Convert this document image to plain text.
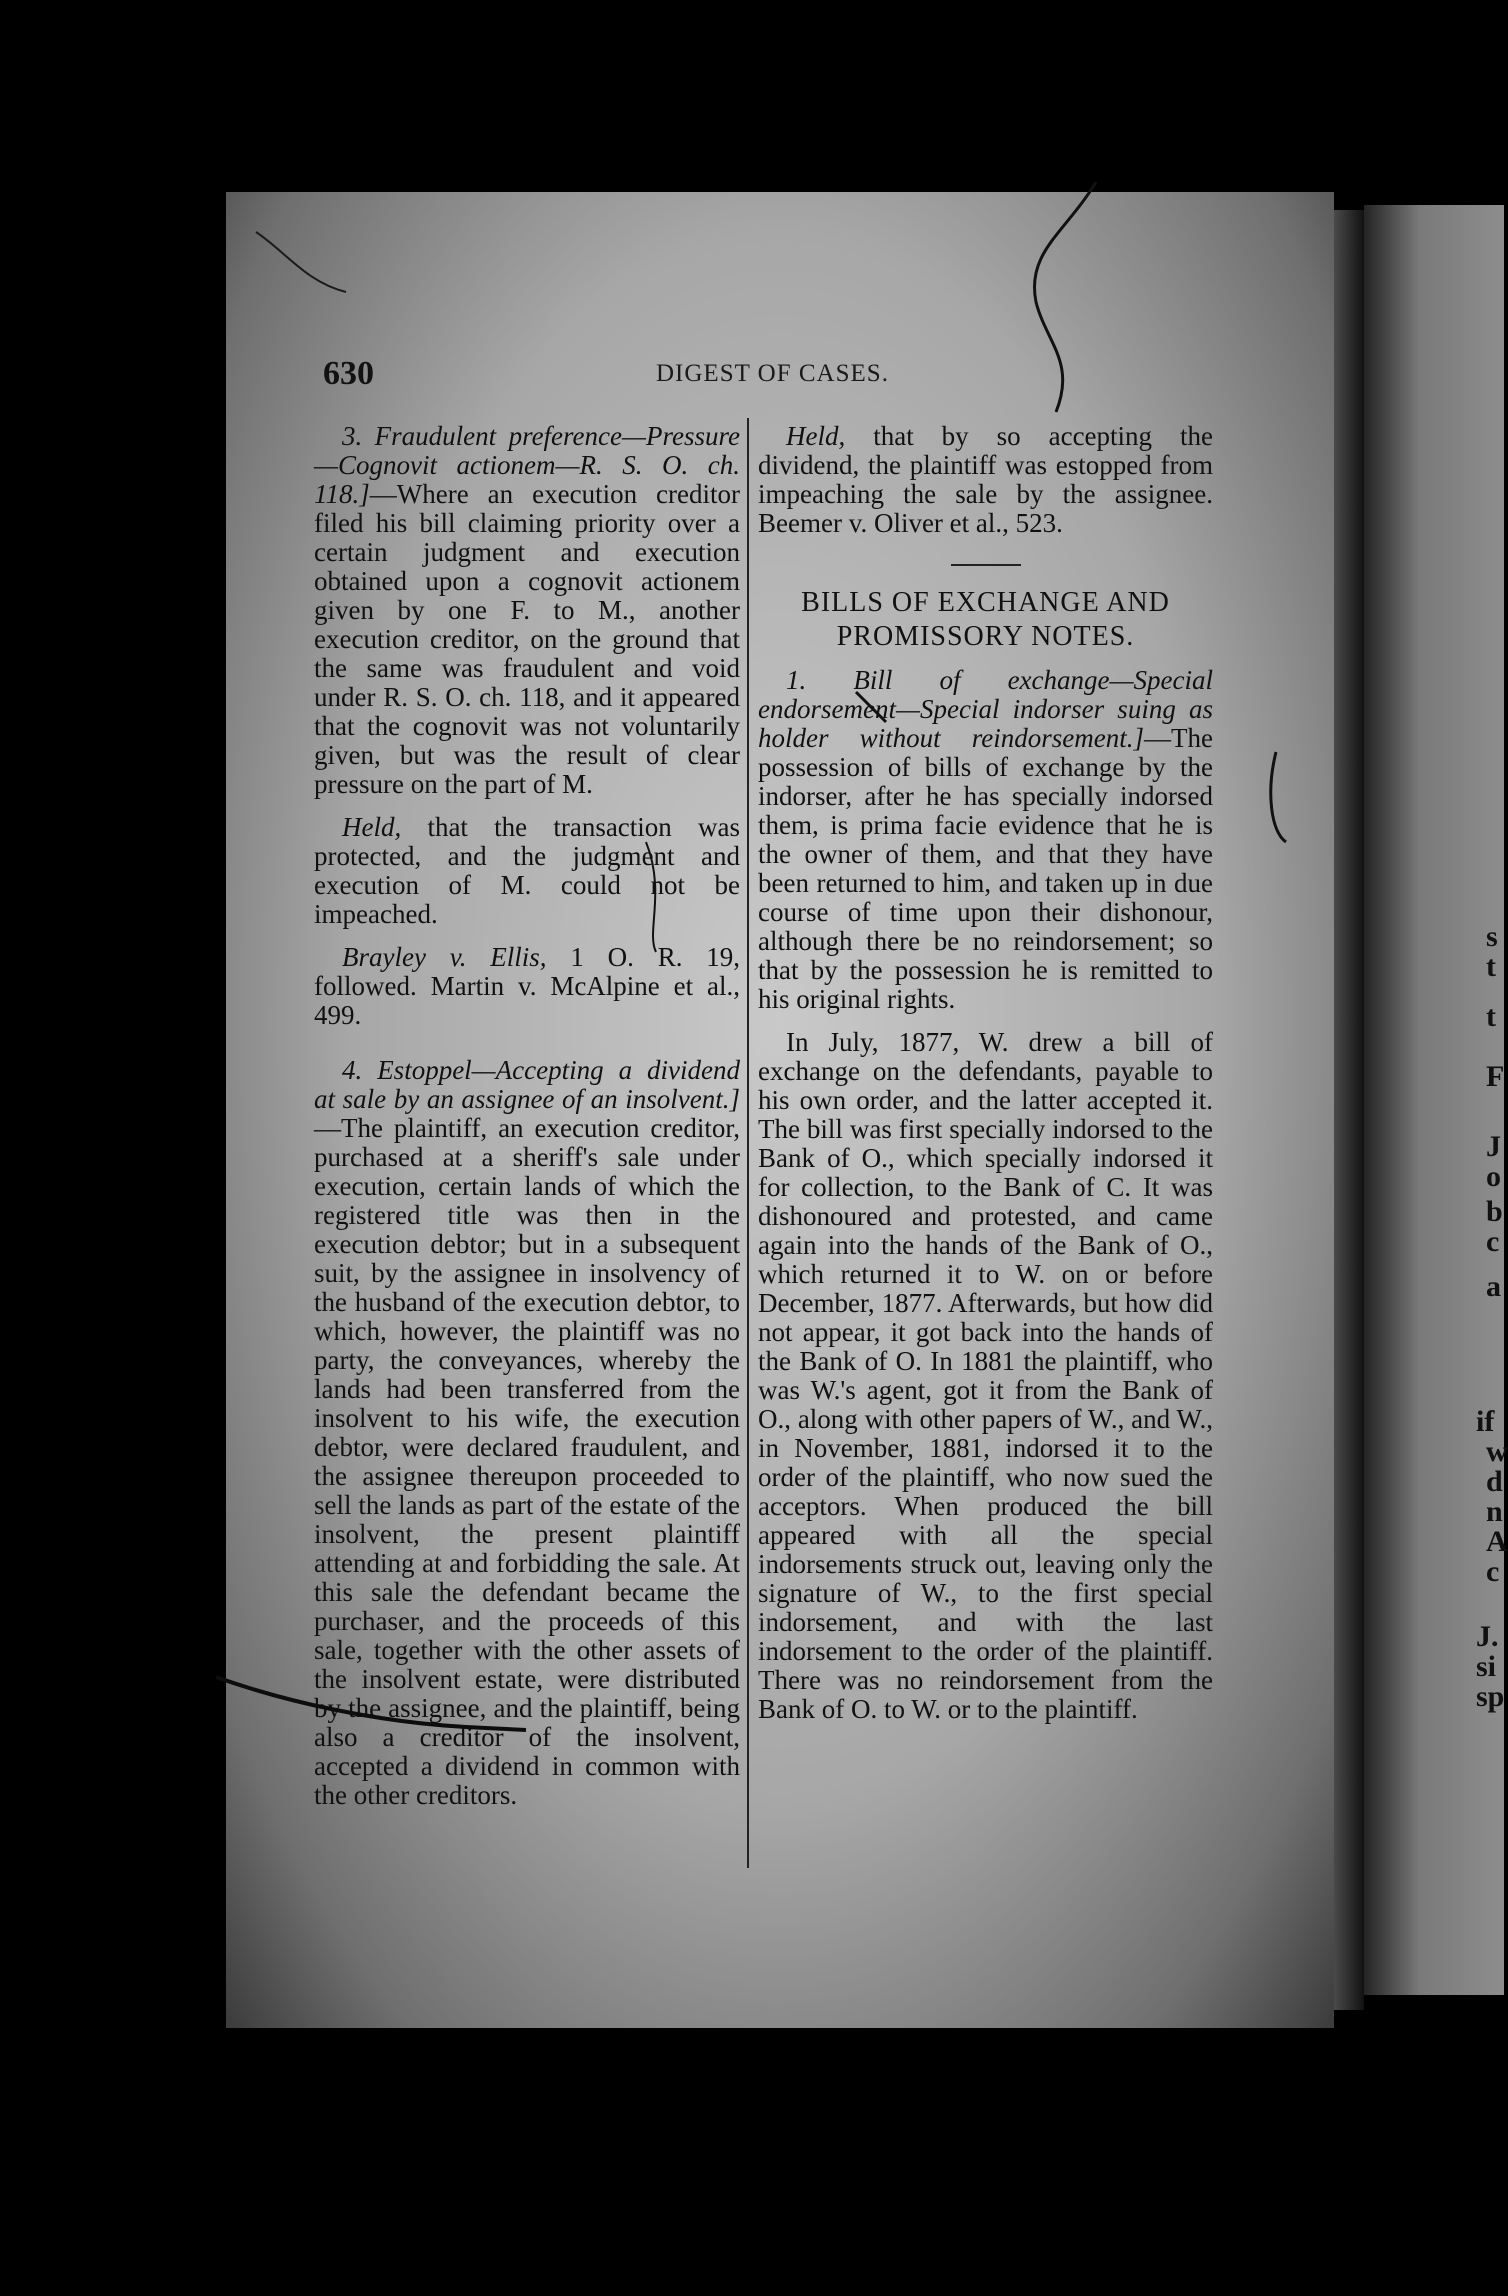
s
t
t
F
J
o
b
c
a
if
w
d
n
A
c
J.
si
sp
630	DIGEST OF CASES.

3. Fraudulent preference—Pressure—Cognovit actionem—R. S. O. ch. 118.]—Where an execution creditor filed his bill claiming priority over a certain judgment and execution obtained upon a cognovit actionem given by one F. to M., another execution creditor, on the ground that the same was fraudulent and void under R. S. O. ch. 118, and it appeared that the cognovit was not voluntarily given, but was the result of clear pressure on the part of M.

Held, that the transaction was protected, and the judgment and execution of M. could not be impeached.

Brayley v. Ellis, 1 O. R. 19, followed. Martin v. McAlpine et al., 499.

4. Estoppel—Accepting a dividend at sale by an assignee of an insolvent.]—The plaintiff, an execution creditor, purchased at a sheriff's sale under execution, certain lands of which the registered title was then in the execution debtor; but in a subsequent suit, by the assignee in insolvency of the husband of the execution debtor, to which, however, the plaintiff was no party, the conveyances, whereby the lands had been transferred from the insolvent to his wife, the execution debtor, were declared fraudulent, and the assignee thereupon proceeded to sell the lands as part of the estate of the insolvent, the present plaintiff attending at and forbidding the sale. At this sale the defendant became the purchaser, and the proceeds of this sale, together with the other assets of the insolvent estate, were distributed by the assignee, and the plaintiff, being also a creditor of the insolvent, accepted a dividend in common with the other creditors.

Held, that by so accepting the dividend, the plaintiff was estopped from impeaching the sale by the assignee. Beemer v. Oliver et al., 523.

BILLS OF EXCHANGE AND
PROMISSORY NOTES.

1. Bill of exchange—Special endorsement—Special indorser suing as holder without reindorsement.]—The possession of bills of exchange by the indorser, after he has specially indorsed them, is prima facie evidence that he is the owner of them, and that they have been returned to him, and taken up in due course of time upon their dishonour, although there be no reindorsement; so that by the possession he is remitted to his original rights.

In July, 1877, W. drew a bill of exchange on the defendants, payable to his own order, and the latter accepted it. The bill was first specially indorsed to the Bank of O., which specially indorsed it for collection, to the Bank of C. It was dishonoured and protested, and came again into the hands of the Bank of O., which returned it to W. on or before December, 1877. Afterwards, but how did not appear, it got back into the hands of the Bank of O. In 1881 the plaintiff, who was W.'s agent, got it from the Bank of O., along with other papers of W., and W., in November, 1881, indorsed it to the order of the plaintiff, who now sued the acceptors. When produced the bill appeared with all the special indorsements struck out, leaving only the signature of W., to the first special indorsement, and with the last indorsement to the order of the plaintiff. There was no reindorsement from the Bank of O. to W. or to the plaintiff.
